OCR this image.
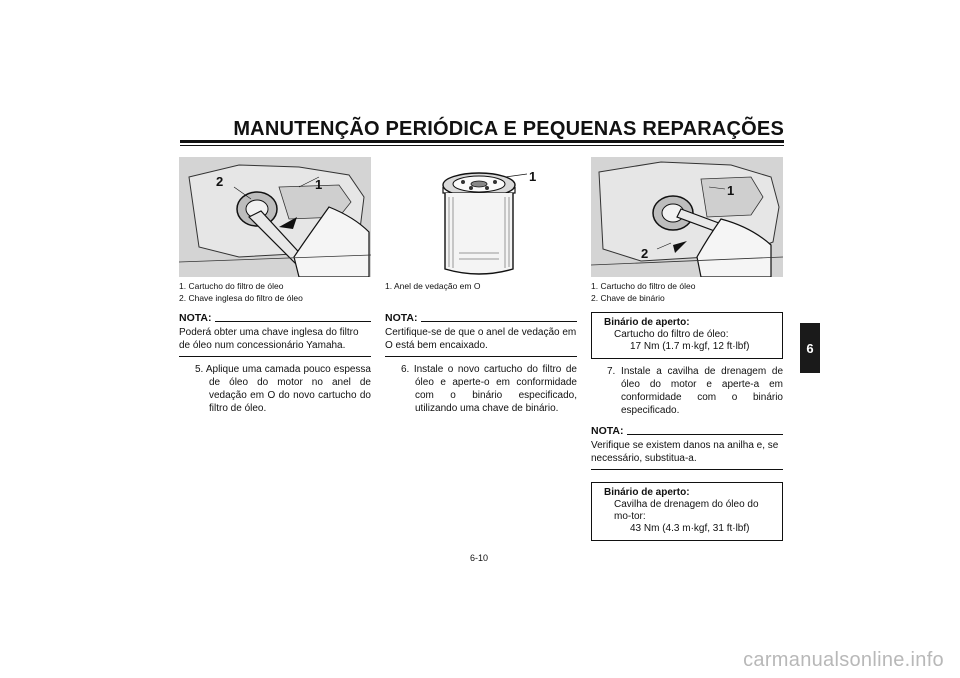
MANUTENÇÃO PERIÓDICA E PEQUENAS REPARAÇÕES
6
1
2
1. Cartucho do filtro de óleo
2. Chave inglesa do filtro de óleo
NOTA:
Poderá obter uma chave inglesa do filtro de óleo num concessionário Yamaha.
5. Aplique uma camada pouco espessa de óleo do motor no anel de vedação em O do novo cartucho do filtro de óleo.
1
1. Anel de vedação em O
NOTA:
Certifique-se de que o anel de vedação em O está bem encaixado.
6. Instale o novo cartucho do filtro de óleo e aperte-o em conformidade com o binário especificado, utilizando uma chave de binário.
1
2
1. Cartucho do filtro de óleo
2. Chave de binário
Binário de aperto:
Cartucho do filtro de óleo:
17 Nm (1.7 m·kgf, 12 ft·lbf)
7. Instale a cavilha de drenagem de óleo do motor e aperte-a em conformidade com o binário especificado.
NOTA:
Verifique se existem danos na anilha e, se necessário, substitua-a.
Binário de aperto:
Cavilha de drenagem do óleo do mo-tor:
43 Nm (4.3 m·kgf, 31 ft·lbf)
6-10
carmanualsonline.info
